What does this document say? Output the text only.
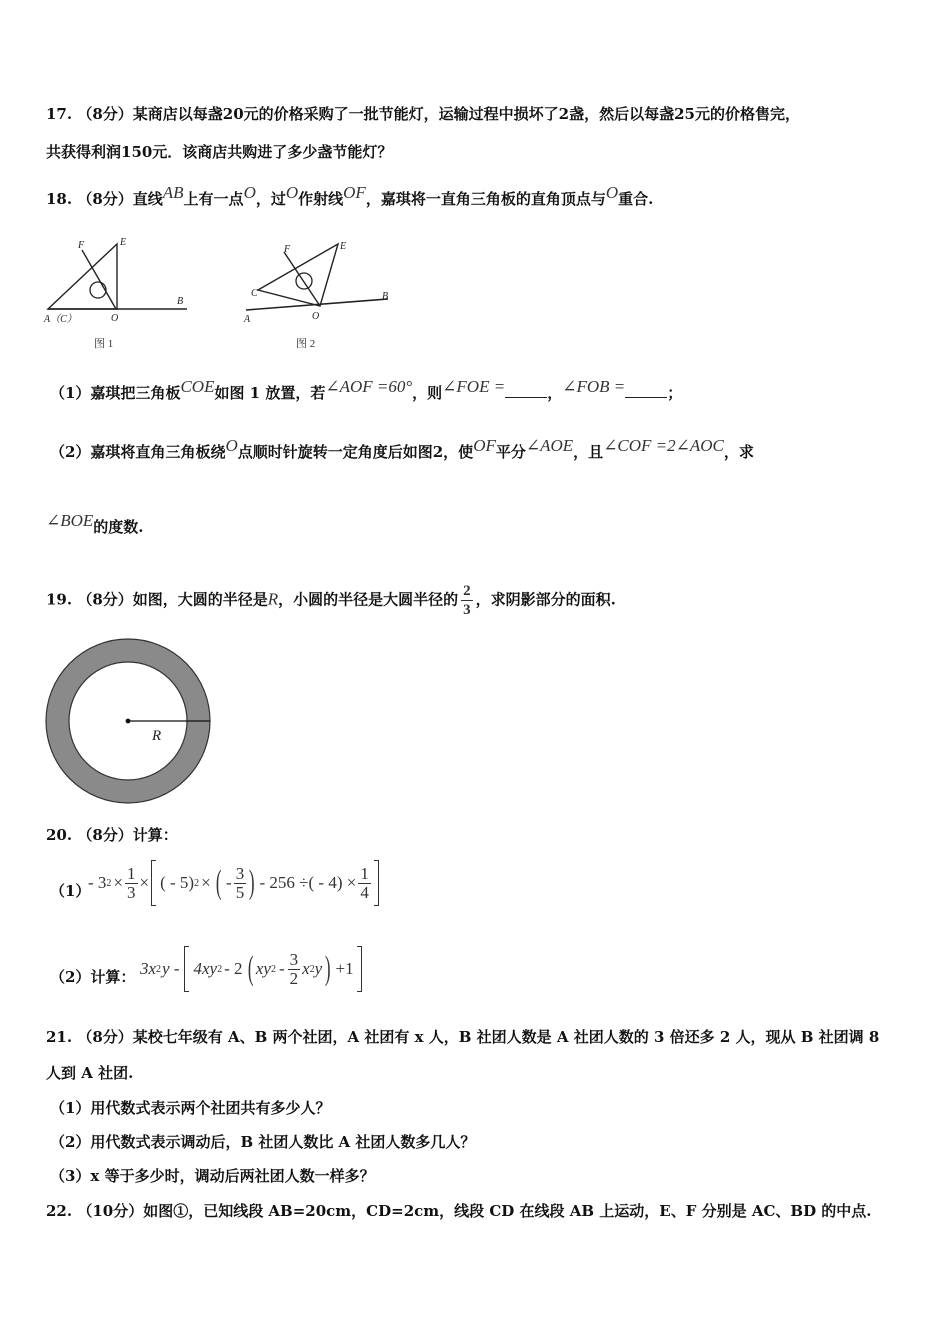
17. （8分）某商店以每盏20元的价格采购了一批节能灯，运输过程中损坏了2盏，然后以每盏25元的价格售完，
共获得利润150元．该商店共购进了多少盏节能灯？
18. （8分）直线$^{AB}$上有一点$^O$，过$^O$作射线$^{OF}$，嘉琪将一直角三角板的直角顶点与$^O$重合.
F	E
A（C）	O
B
图 1
F	E
C
A	O
B
图 2
（1）嘉琪把三角板$^{COE}$如图 1 放置，若$^{\angle AOF =60^\circ}$，则$^{\angle FOE =}$	，$^{\angle FOB =}$	；
（2）嘉琪将直角三角板绕$^O$点顺时针旋转一定角度后如图2，使$^{OF}$平分$^{\angle AOE}$，且$^{\angle COF =2\angle AOC}$，求
$^{\angle BOE}$的度数.
19. （8分）如图，大圆的半径是R，小圆的半径是大圆半径的 $\frac{2}{3}$ ，求阴影部分的面积.
R
20. （8分）计算：
（1）
- 3 $2 \times \frac{1}{3}$ × ( - 5) 2 × ( - $\frac{3}{5}$ ) - 256 ÷( - $4) \times \frac{1}{4}$
（2）计算： 3x 2 y - 4xy 2 - 2 ( xy $2 - \frac{3}{2}$ x 2 y ) +1
21. （8分）某校七年级有 A、B 两个社团，A 社团有 x 人，B 社团人数是 A 社团人数的 3 倍还多 2 人，现从 B 社团调 8
人到 A 社团.
（1）用代数式表示两个社团共有多少人？
（2）用代数式表示调动后，B 社团人数比 A 社团人数多几人？
（3）x 等于多少时，调动后两社团人数一样多？
22. （10分）如图①，已知线段 AB=20cm，CD=2cm，线段 CD 在线段 AB 上运动，E、F 分别是 AC、BD 的中点.
